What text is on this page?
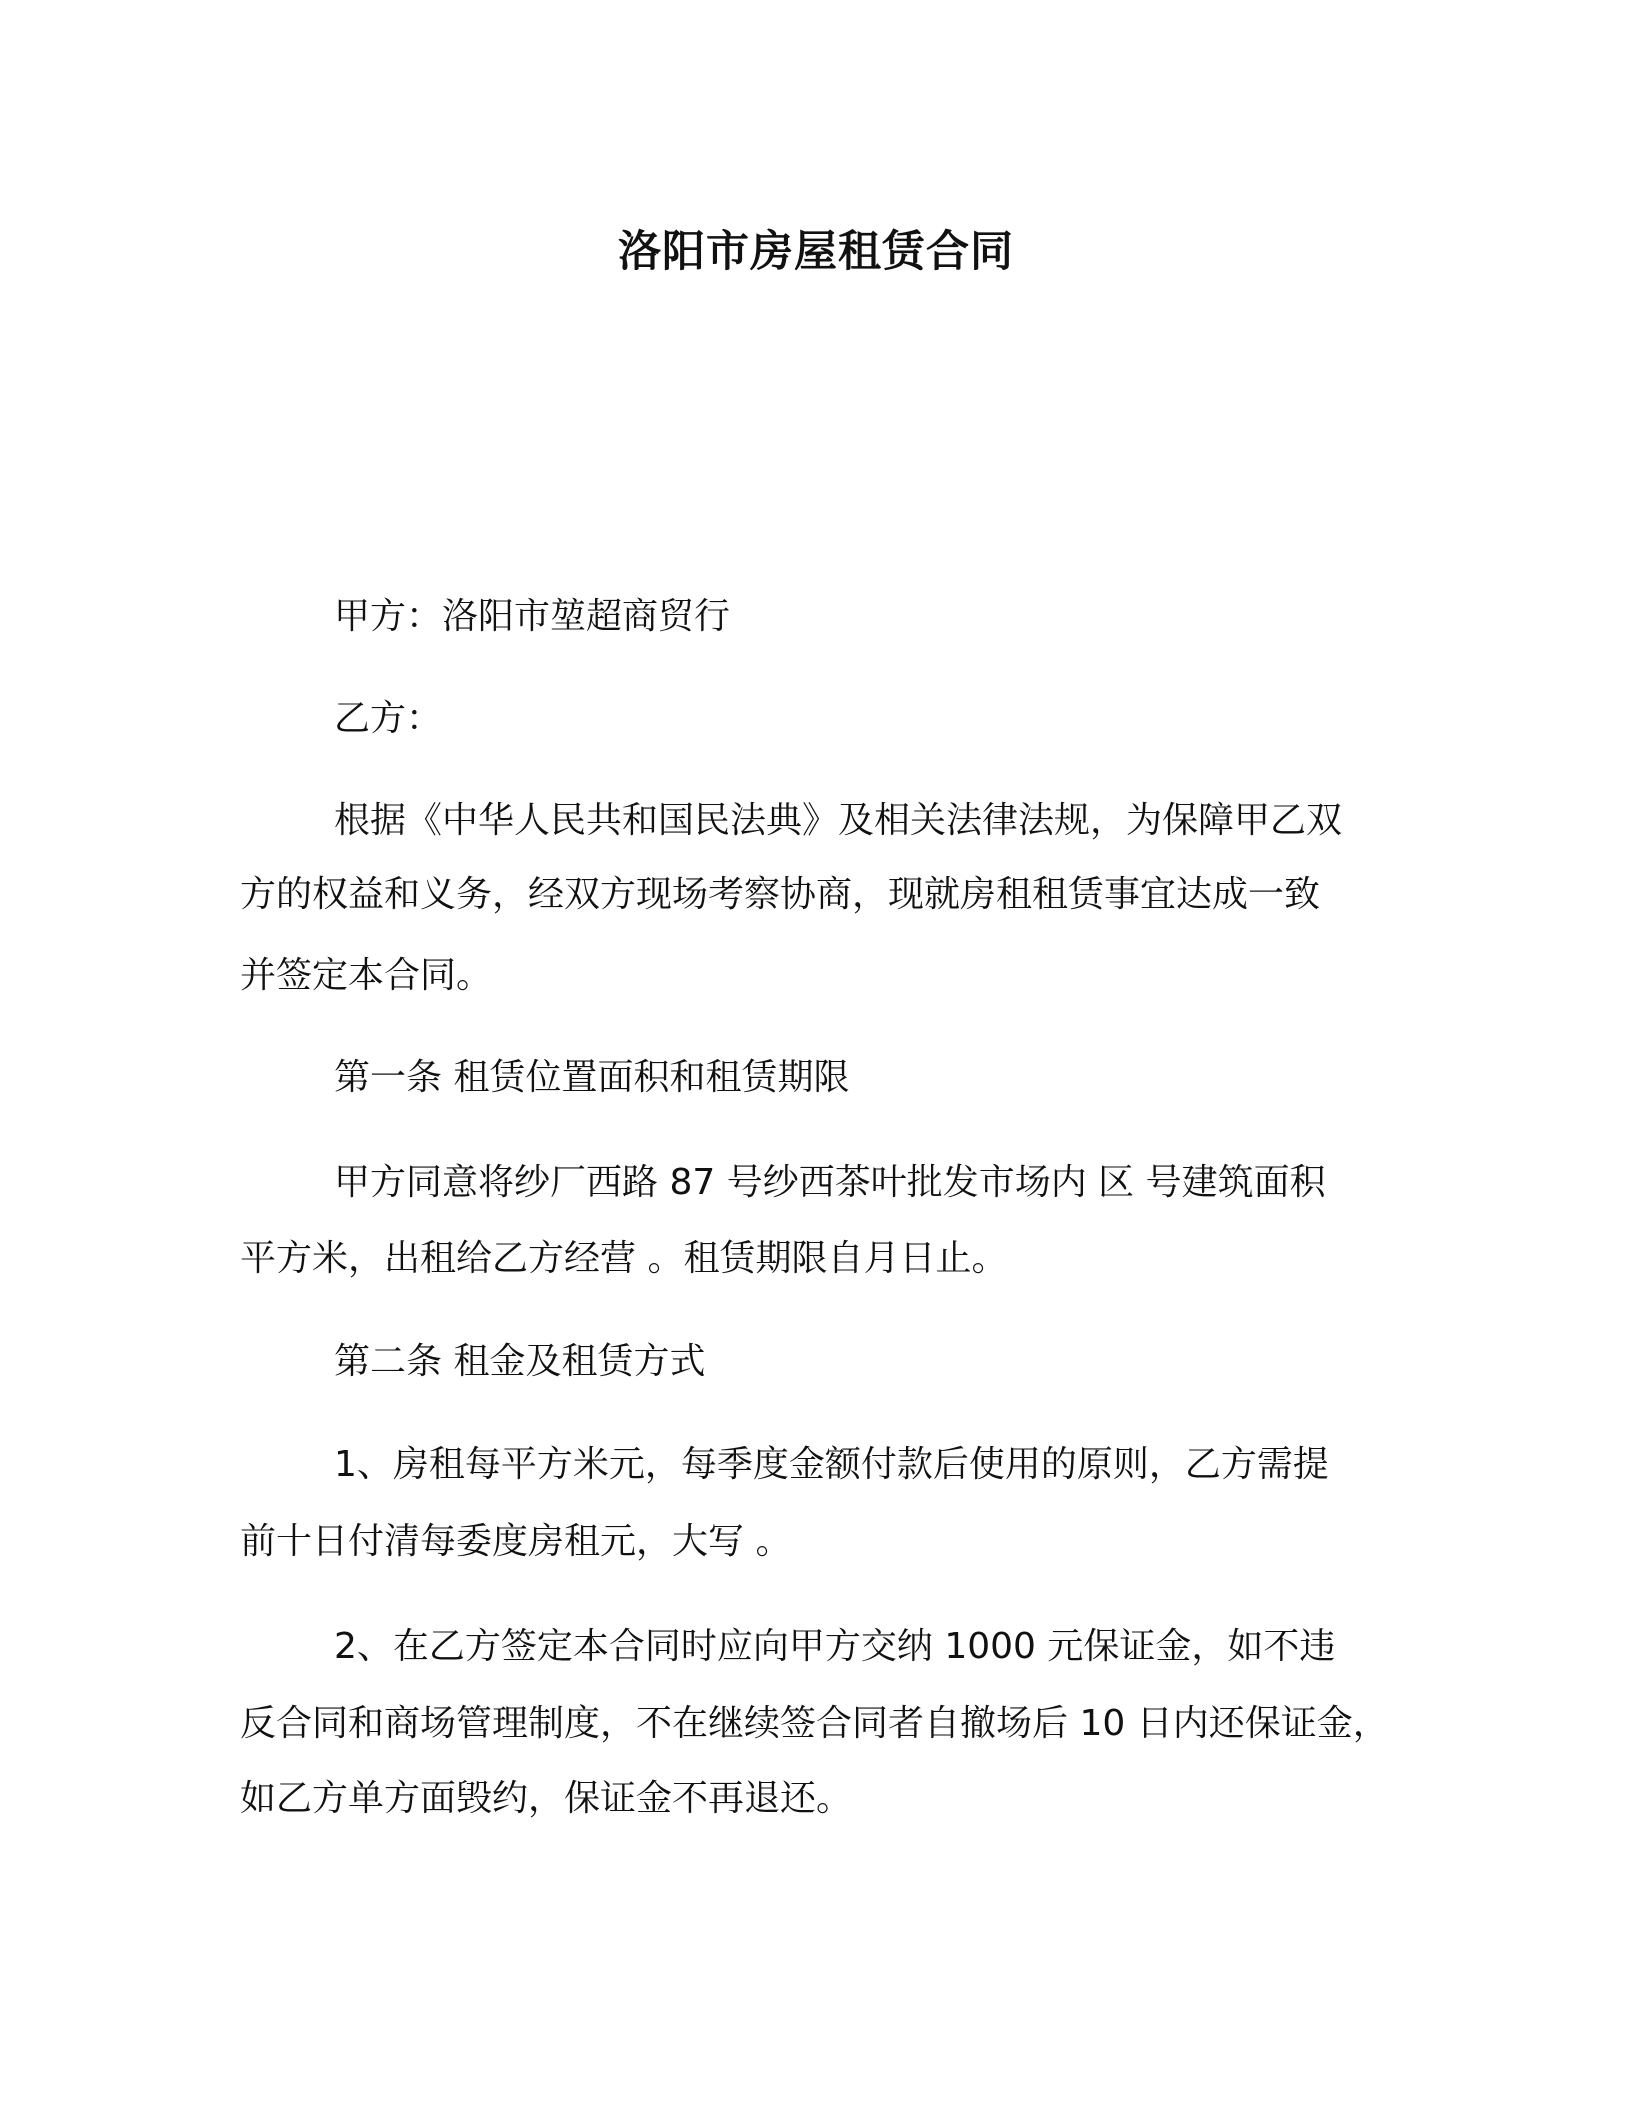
洛阳市房屋租赁合同
甲方：洛阳市堃超商贸行
乙方：
根据《中华人民共和国民法典》及相关法律法规，为保障甲乙双
方的权益和义务，经双方现场考察协商，现就房租租赁事宜达成一致
并签定本合同。
第一条 租赁位置面积和租赁期限
甲方同意将纱厂西路 87 号纱西茶叶批发市场内 区 号建筑面积
平方米，出租给乙方经营 。租赁期限自月日止。
第二条 租金及租赁方式
1、房租每平方米元，每季度金额付款后使用的原则，乙方需提
前十日付清每委度房租元，大写 。
2、在乙方签定本合同时应向甲方交纳 1000 元保证金，如不违
反合同和商场管理制度，不在继续签合同者自撤场后 10 日内还保证金，
如乙方单方面毁约，保证金不再退还。
